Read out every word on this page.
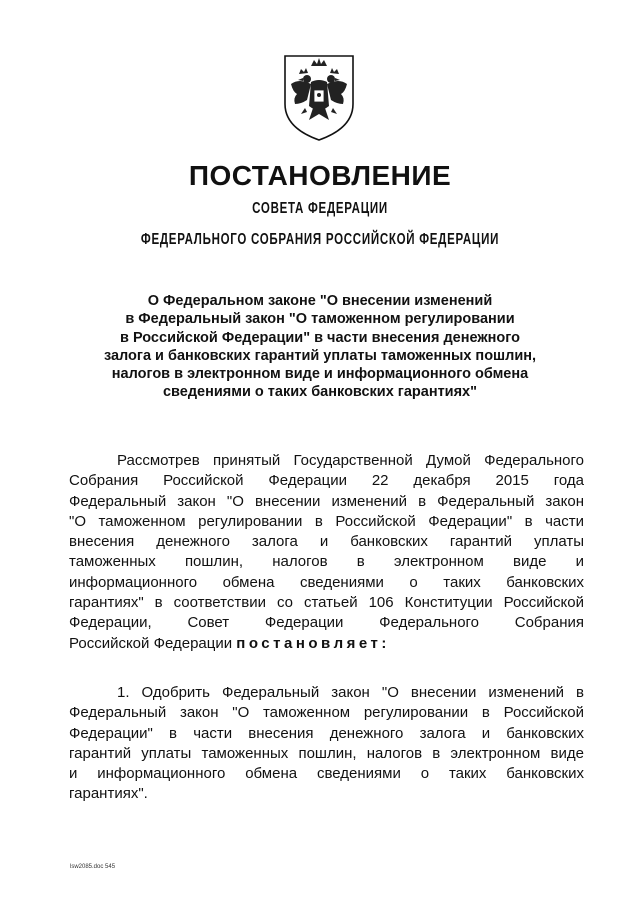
ПОСТАНОВЛЕНИЕ
СОВЕТА ФЕДЕРАЦИИ
ФЕДЕРАЛЬНОГО СОБРАНИЯ РОССИЙСКОЙ ФЕДЕРАЦИИ
О Федеральном законе "О внесении изменений
в Федеральный закон "О таможенном регулировании
в Российской Федерации" в части внесения денежного
залога и банковских гарантий уплаты таможенных пошлин,
налогов в электронном виде и информационного обмена
сведениями о таких банковских гарантиях"
Рассмотрев принятый Государственной Думой Федерального
Собрания Российской Федерации 22 декабря 2015 года
Федеральный закон "О внесении изменений в Федеральный закон
"О таможенном регулировании в Российской Федерации" в части
внесения денежного залога и банковских гарантий уплаты
таможенных пошлин, налогов в электронном виде и
информационного обмена сведениями о таких банковских
гарантиях" в соответствии со статьей 106 Конституции Российской
Федерации, Совет Федерации Федерального Собрания
Российской Федерации постановляет:
1. Одобрить Федеральный закон "О внесении изменений в
Федеральный закон "О таможенном регулировании в Российской
Федерации" в части внесения денежного залога и банковских
гарантий уплаты таможенных пошлин, налогов в электронном виде
и информационного обмена сведениями о таких банковских
гарантиях".
lsw2085.doc 545
